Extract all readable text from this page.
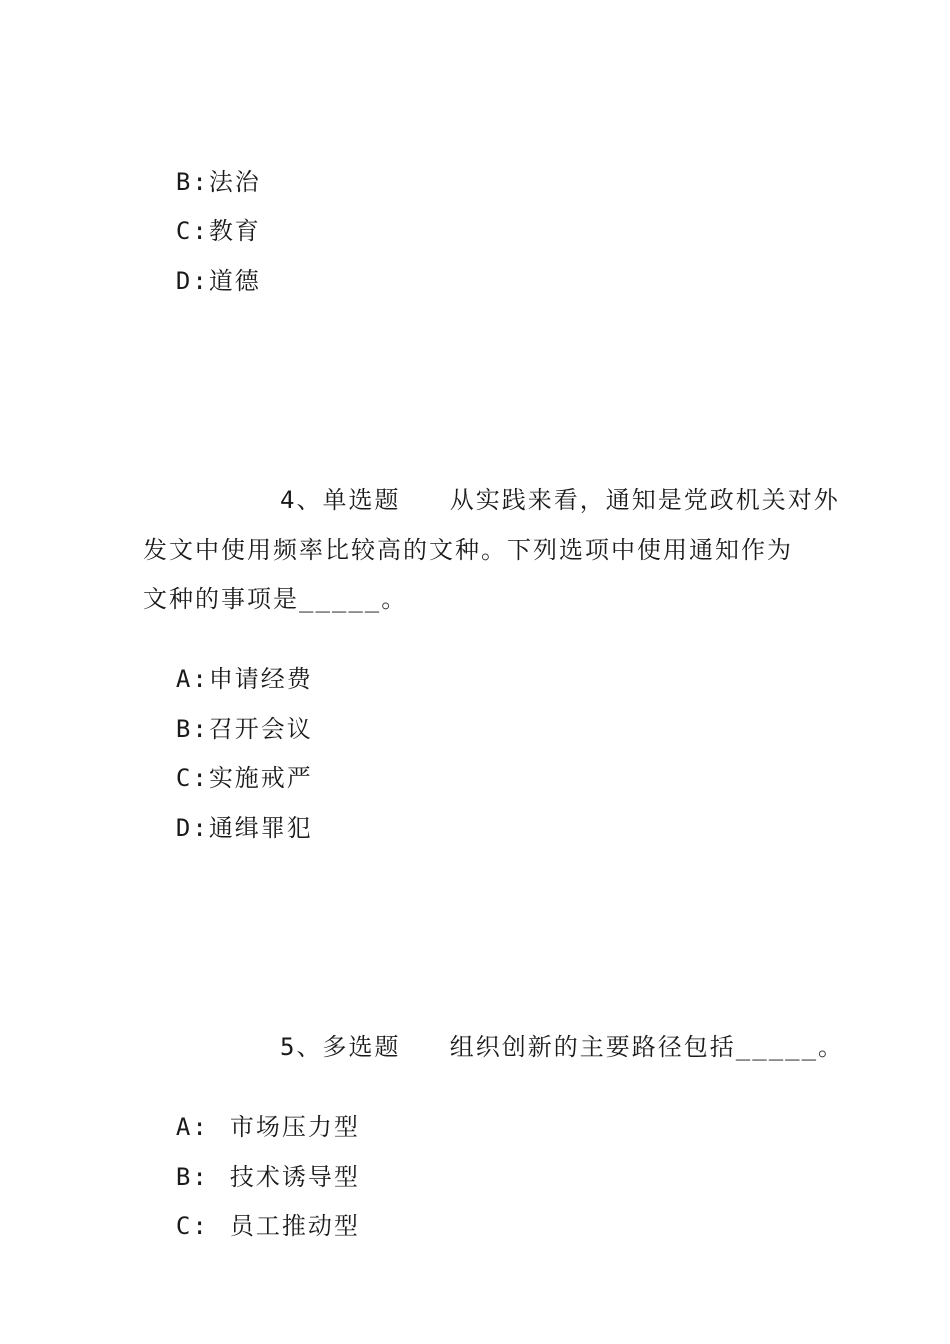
B:法治

C:教育

D:道德

4、单选题   从实践来看，通知是党政机关对外
发文中使用频率比较高的文种。下列选项中使用通知作为
文种的事项是_____。

A:申请经费

B:召开会议

C:实施戒严

D:通缉罪犯

5、多选题   组织创新的主要路径包括_____。

A: 市场压力型

B: 技术诱导型

C: 员工推动型
